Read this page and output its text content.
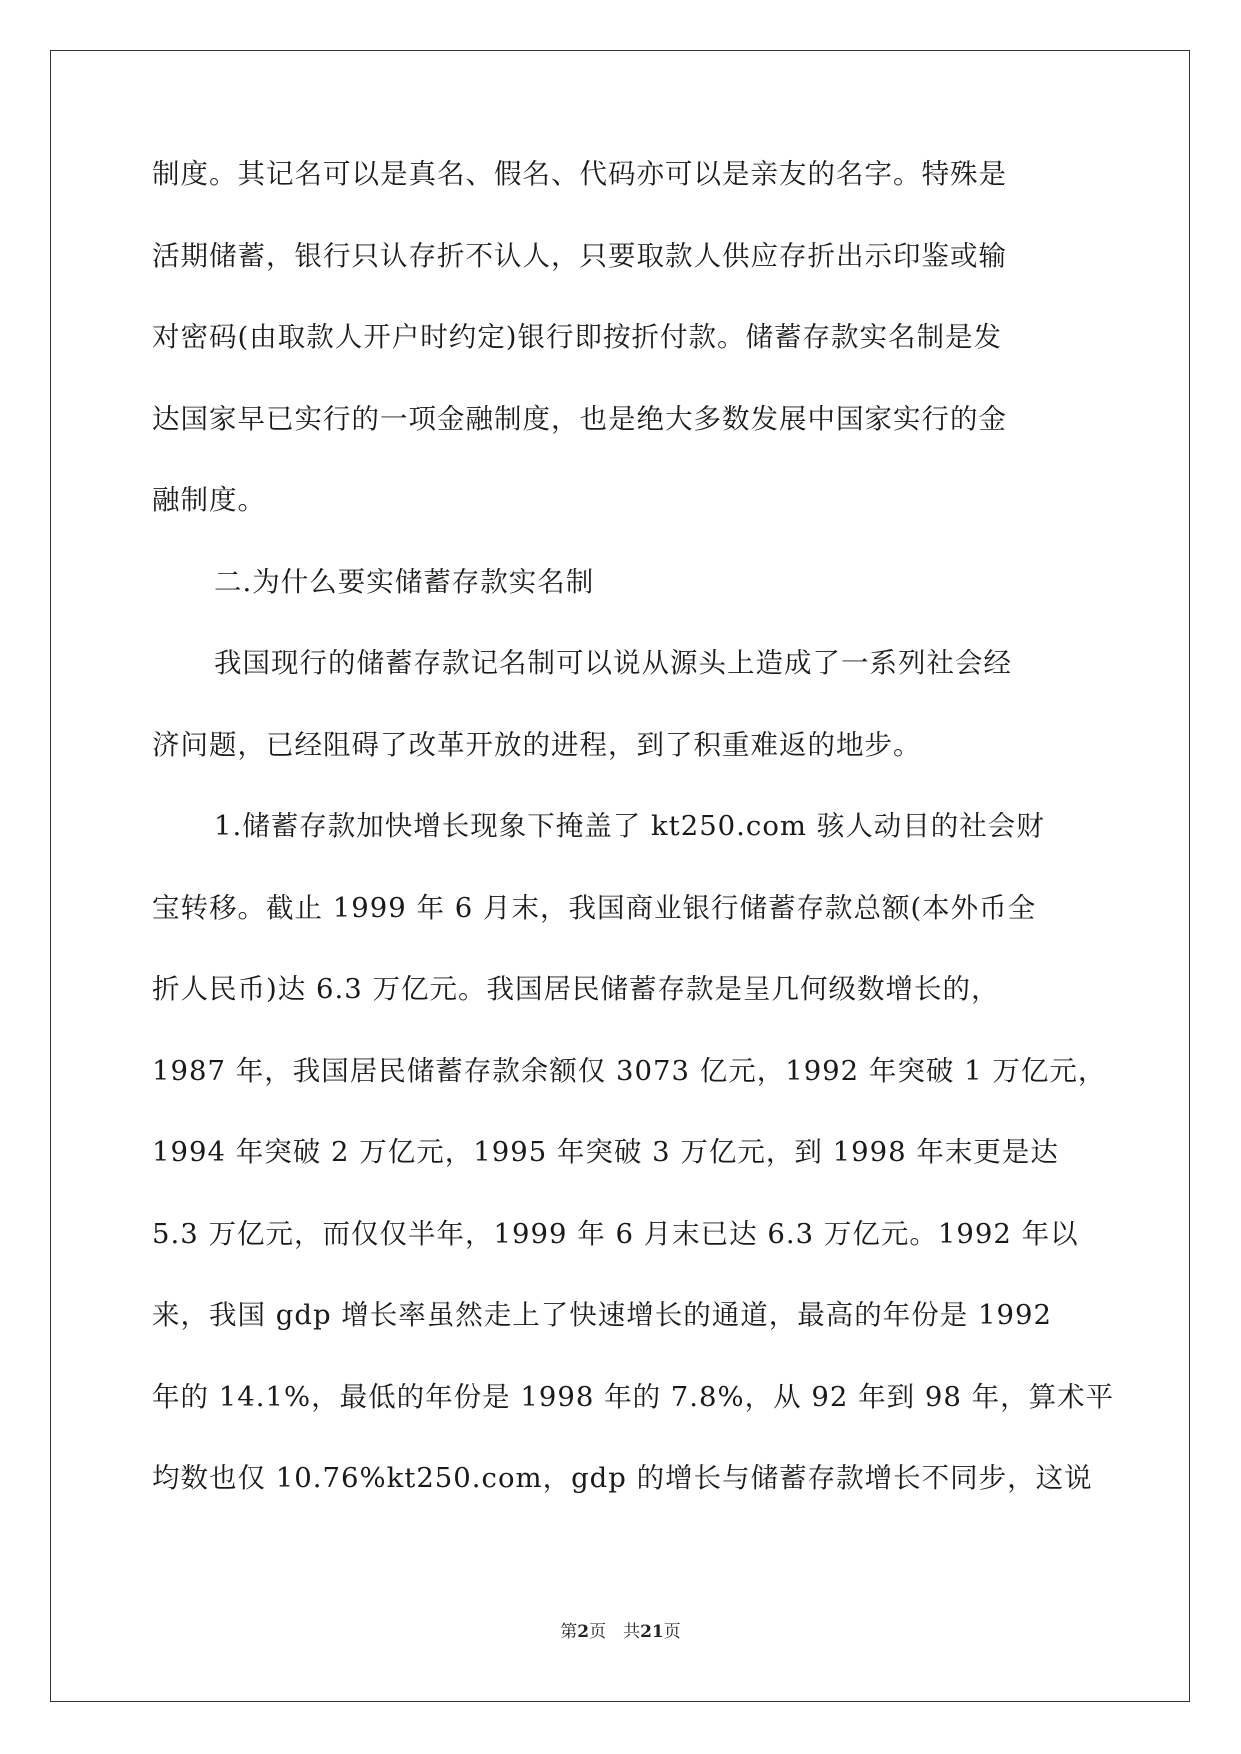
制度。其记名可以是真名、假名、代码亦可以是亲友的名字。特殊是
活期储蓄，银行只认存折不认人，只要取款人供应存折出示印鉴或输
对密码(由取款人开户时约定)银行即按折付款。储蓄存款实名制是发
达国家早已实行的一项金融制度，也是绝大多数发展中国家实行的金
融制度。
二.为什么要实储蓄存款实名制
我国现行的储蓄存款记名制可以说从源头上造成了一系列社会经
济问题，已经阻碍了改革开放的进程，到了积重难返的地步。
1.储蓄存款加快增长现象下掩盖了 kt250.com 骇人动目的社会财
宝转移。截止 1999 年 6 月末，我国商业银行储蓄存款总额(本外币全
折人民币)达 6.3 万亿元。我国居民储蓄存款是呈几何级数增长的，
1987 年，我国居民储蓄存款余额仅 3073 亿元，1992 年突破 1 万亿元，
1994 年突破 2 万亿元，1995 年突破 3 万亿元，到 1998 年末更是达
5.3 万亿元，而仅仅半年，1999 年 6 月末已达 6.3 万亿元。1992 年以
来，我国 gdp 增长率虽然走上了快速增长的通道，最高的年份是 1992
年的 14.1%，最低的年份是 1998 年的 7.8%，从 92 年到 98 年，算术平
均数也仅 10.76%kt250.com，gdp 的增长与储蓄存款增长不同步，这说
第2页　共21页
